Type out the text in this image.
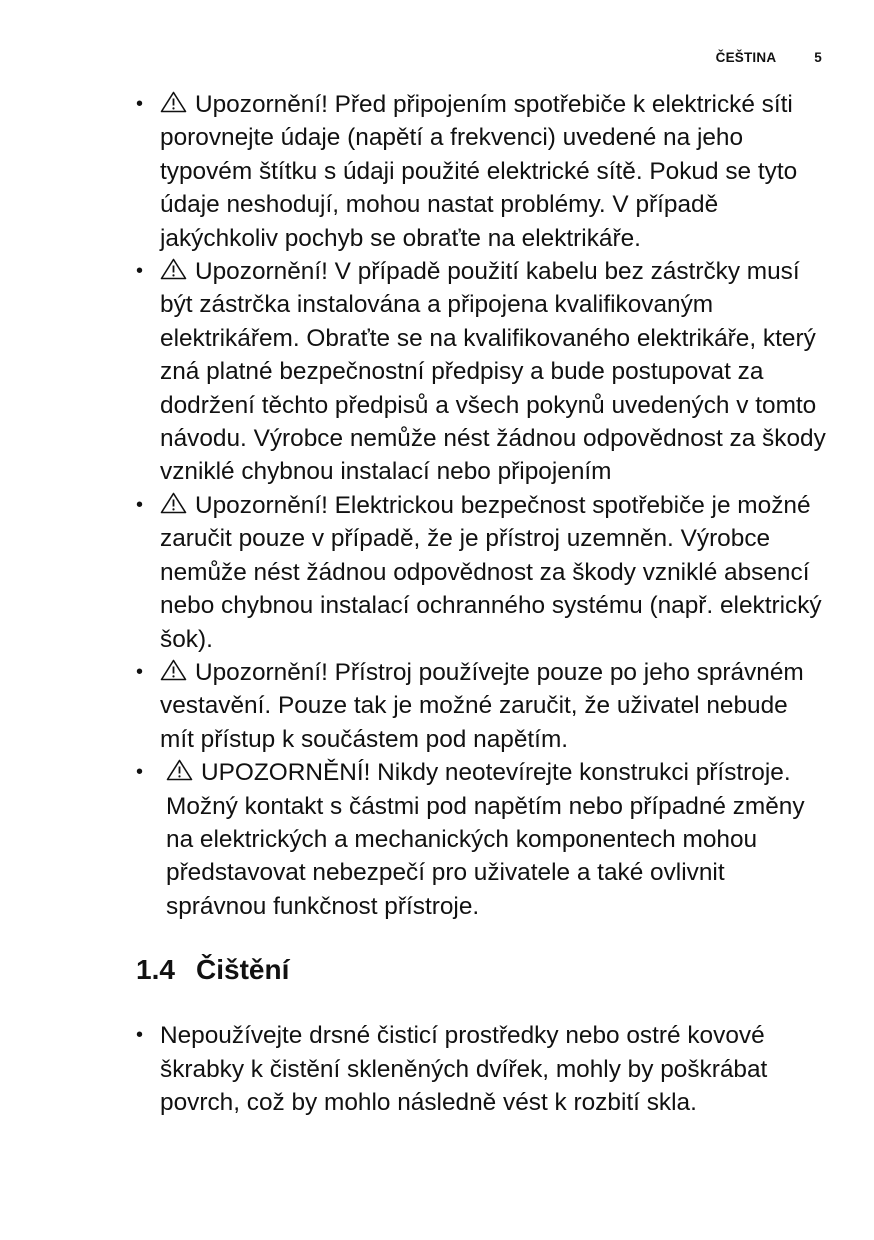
ČEŠTINA	5
• Upozornění! Před připojením spotřebiče k elektrické síti porovnejte údaje (napětí a frekvenci) uvedené na jeho typovém štítku s údaji použité elektrické sítě. Pokud se tyto údaje neshodují, mohou nastat problémy. V případě jakýchkoliv pochyb se obraťte na elektrikáře.
• Upozornění! V případě použití kabelu bez zástrčky musí být zástrčka instalována a připojena kvalifikovaným elektrikářem. Obraťte se na kvalifikovaného elektrikáře, který zná platné bezpečnostní předpisy a bude postupovat za dodržení těchto předpisů a všech pokynů uvedených v tomto návodu. Výrobce nemůže nést žádnou odpovědnost za škody vzniklé chybnou instalací nebo připojením
• Upozornění! Elektrickou bezpečnost spotřebiče je možné zaručit pouze v případě, že je přístroj uzemněn. Výrobce nemůže nést žádnou odpovědnost za škody vzniklé absencí nebo chybnou instalací ochranného systému (např. elektrický šok).
• Upozornění! Přístroj používejte pouze po jeho správném vestavění. Pouze tak je možné zaručit, že uživatel nebude mít přístup k součástem pod napětím.
•	UPOZORNĚNÍ! Nikdy neotevírejte konstrukci přístroje. Možný kontakt s částmi pod napětím nebo případné změny na elektrických a mechanických komponentech mohou představovat nebezpečí pro uživatele a také ovlivnit správnou funkčnost přístroje.
1.4 Čištění
• Nepoužívejte drsné čisticí prostředky nebo ostré kovové škrabky k čistění skleněných dvířek, mohly by poškrábat povrch, což by mohlo následně vést k rozbití skla.
